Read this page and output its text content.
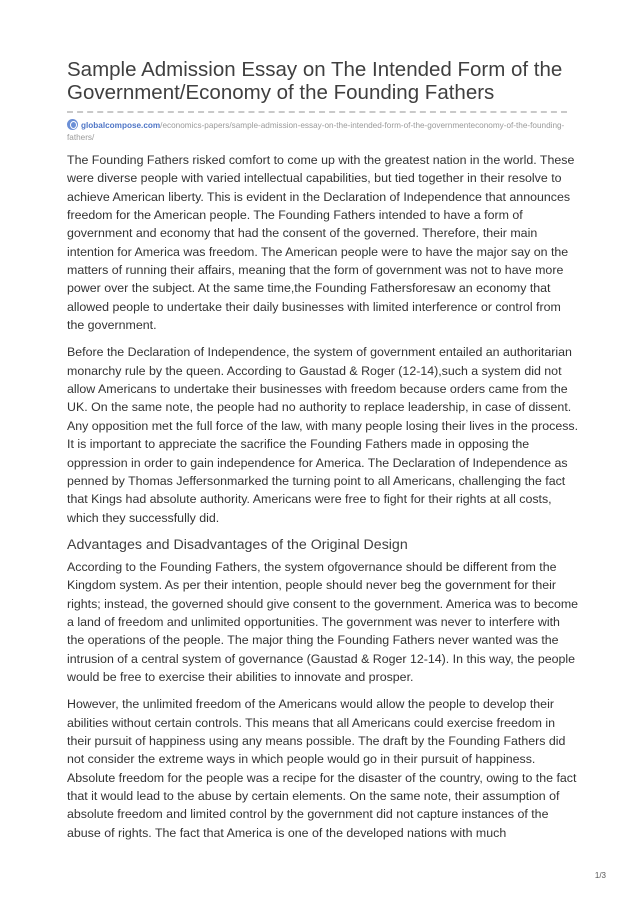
Sample Admission Essay on The Intended Form of the Government/Economy of the Founding Fathers
globalcompose.com/economics-papers/sample-admission-essay-on-the-intended-form-of-the-governmenteconomy-of-the-founding-fathers/

The Founding Fathers risked comfort to come up with the greatest nation in the world. These were diverse people with varied intellectual capabilities, but tied together in their resolve to achieve American liberty. This is evident in the Declaration of Independence that announces freedom for the American people. The Founding Fathers intended to have a form of government and economy that had the consent of the governed. Therefore, their main intention for America was freedom. The American people were to have the major say on the matters of running their affairs, meaning that the form of government was not to have more power over the subject. At the same time,the Founding Fathersforesaw an economy that allowed people to undertake their daily businesses with limited interference or control from the government.

Before the Declaration of Independence, the system of government entailed an authoritarian monarchy rule by the queen. According to Gaustad & Roger (12-14),such a system did not allow Americans to undertake their businesses with freedom because orders came from the UK. On the same note, the people had no authority to replace leadership, in case of dissent. Any opposition met the full force of the law, with many people losing their lives in the process. It is important to appreciate the sacrifice the Founding Fathers made in opposing the oppression in order to gain independence for America. The Declaration of Independence as penned by Thomas Jeffersonmarked the turning point to all Americans, challenging the fact that Kings had absolute authority. Americans were free to fight for their rights at all costs, which they successfully did.

Advantages and Disadvantages of the Original Design

According to the Founding Fathers, the system ofgovernance should be different from the Kingdom system. As per their intention, people should never beg the government for their rights; instead, the governed should give consent to the government. America was to become a land of freedom and unlimited opportunities. The government was never to interfere with the operations of the people. The major thing the Founding Fathers never wanted was the intrusion of a central system of governance (Gaustad & Roger 12-14). In this way, the people would be free to exercise their abilities to innovate and prosper.

However, the unlimited freedom of the Americans would allow the people to develop their abilities without certain controls. This means that all Americans could exercise freedom in their pursuit of happiness using any means possible. The draft by the Founding Fathers did not consider the extreme ways in which people would go in their pursuit of happiness. Absolute freedom for the people was a recipe for the disaster of the country, owing to the fact that it would lead to the abuse by certain elements. On the same note, their assumption of absolute freedom and limited control by the government did not capture instances of the abuse of rights. The fact that America is one of the developed nations with much

1/3
